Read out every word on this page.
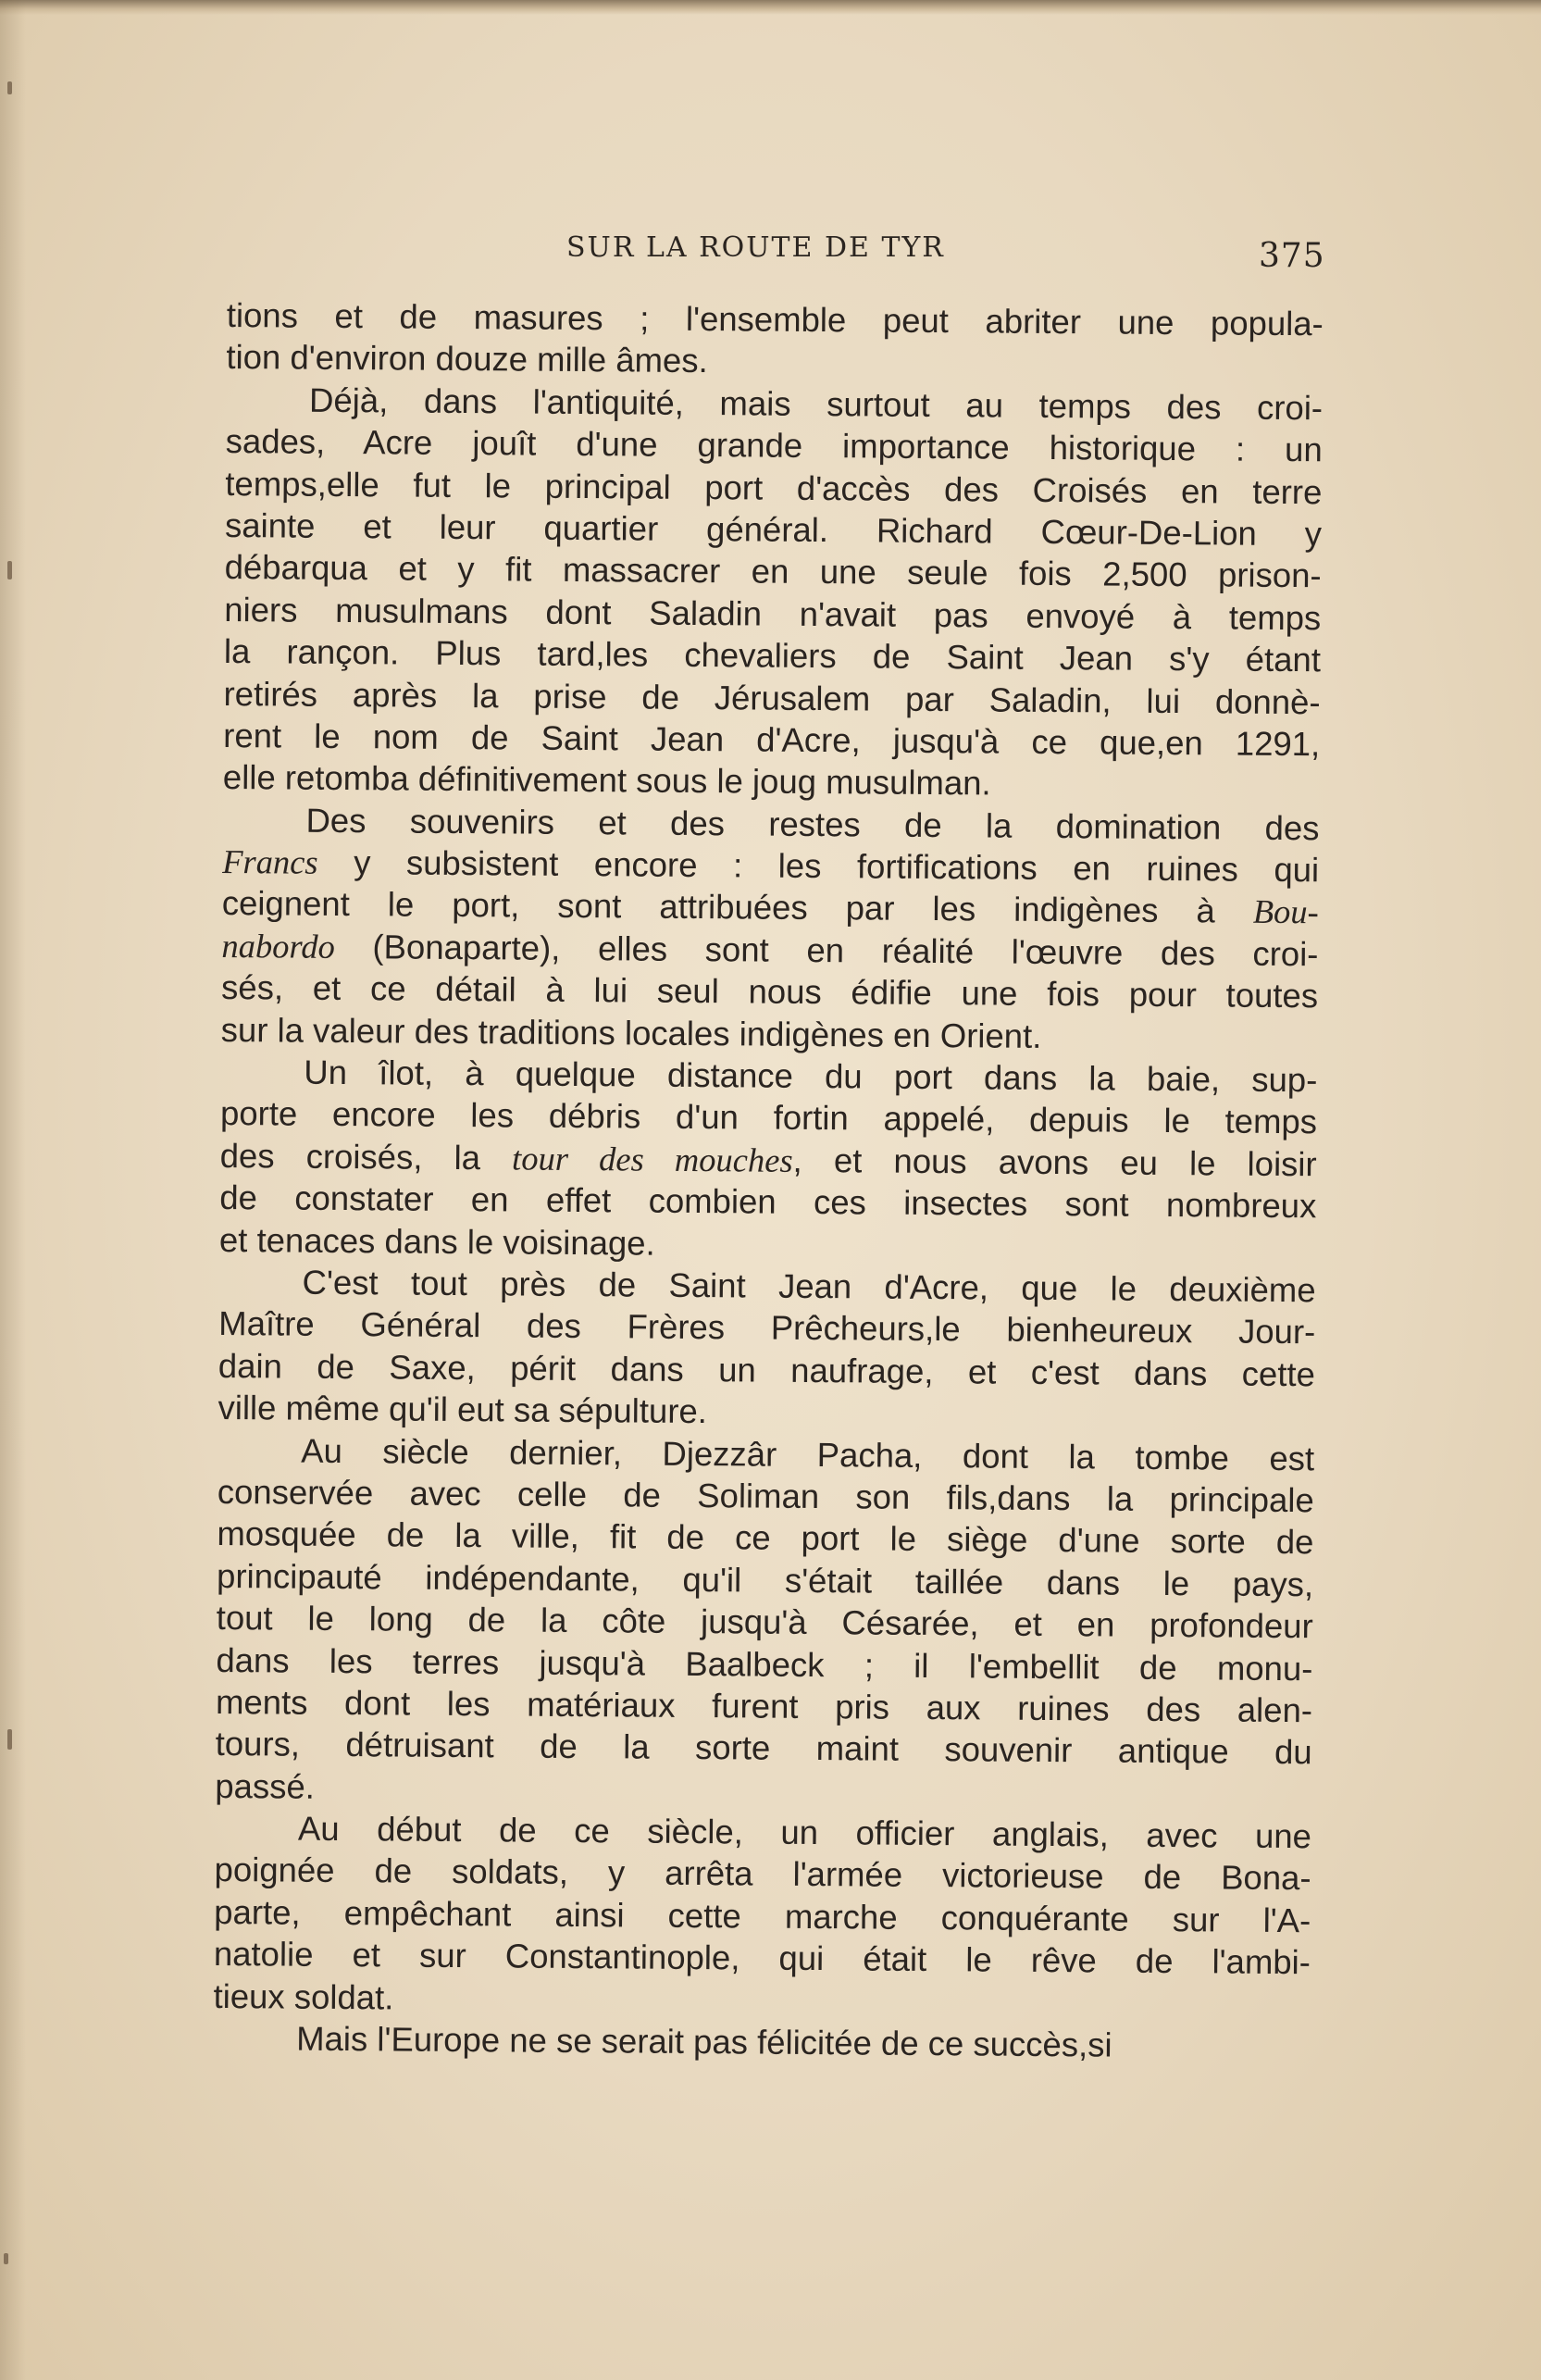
SUR LA ROUTE DE TYR	375
tions et de masures ; l'ensemble peut abriter une popula-
tion d'environ douze mille âmes.
Déjà, dans l'antiquité, mais surtout au temps des croi-
sades, Acre jouît d'une grande importance historique : un
temps,elle fut le principal port d'accès des Croisés en terre
sainte et leur quartier général. Richard Cœur-De-Lion y
débarqua et y fit massacrer en une seule fois 2,500 prison-
niers musulmans dont Saladin n'avait pas envoyé à temps
la rançon. Plus tard,les chevaliers de Saint Jean s'y étant
retirés après la prise de Jérusalem par Saladin, lui donnè-
rent le nom de Saint Jean d'Acre, jusqu'à ce que,en 1291,
elle retomba définitivement sous le joug musulman.
Des souvenirs et des restes de la domination des
Francs y subsistent encore : les fortifications en ruines qui
ceignent le port, sont attribuées par les indigènes à Bou-
nabordo (Bonaparte), elles sont en réalité l'œuvre des croi-
sés, et ce détail à lui seul nous édifie une fois pour toutes
sur la valeur des traditions locales indigènes en Orient.
Un îlot, à quelque distance du port dans la baie, sup-
porte encore les débris d'un fortin appelé, depuis le temps
des croisés, la tour des mouches, et nous avons eu le loisir
de constater en effet combien ces insectes sont nombreux
et tenaces dans le voisinage.
C'est tout près de Saint Jean d'Acre, que le deuxième
Maître Général des Frères Prêcheurs,le bienheureux Jour-
dain de Saxe, périt dans un naufrage, et c'est dans cette
ville même qu'il eut sa sépulture.
Au siècle dernier, Djezzâr Pacha, dont la tombe est
conservée avec celle de Soliman son fils,dans la principale
mosquée de la ville, fit de ce port le siège d'une sorte de
principauté indépendante, qu'il s'était taillée dans le pays,
tout le long de la côte jusqu'à Césarée, et en profondeur
dans les terres jusqu'à Baalbeck ; il l'embellit de monu-
ments dont les matériaux furent pris aux ruines des alen-
tours, détruisant de la sorte maint souvenir antique du
passé.
Au début de ce siècle, un officier anglais, avec une
poignée de soldats, y arrêta l'armée victorieuse de Bona-
parte, empêchant ainsi cette marche conquérante sur l'A-
natolie et sur Constantinople, qui était le rêve de l'ambi-
tieux soldat.
Mais l'Europe ne se serait pas félicitée de ce succès,si
